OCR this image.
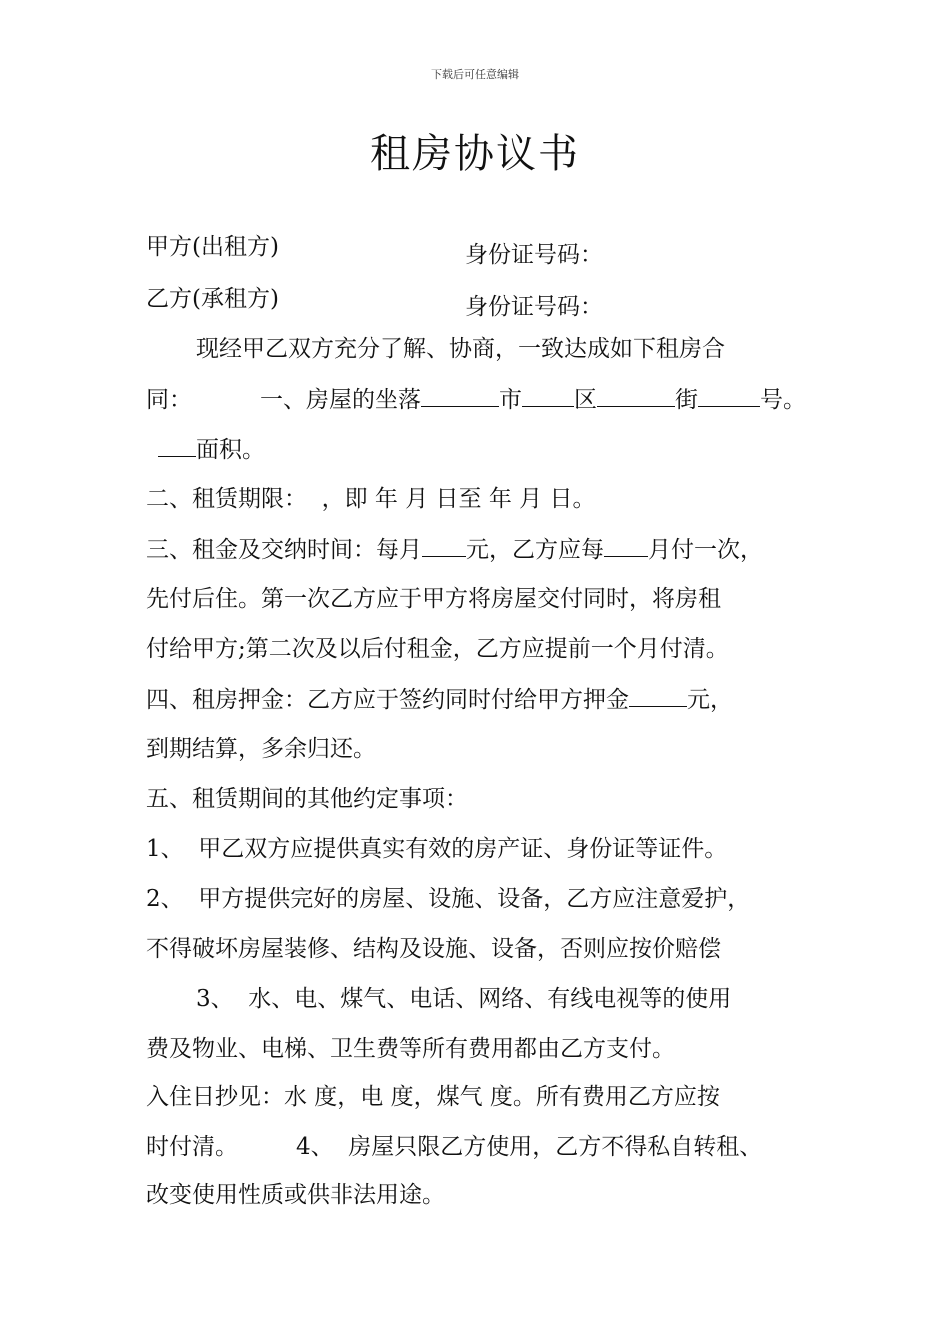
下载后可任意编辑
租房协议书
甲方(出租方)	身份证号码：
乙方(承租方)	身份证号码：
现经甲乙双方充分了解、协商，一致达成如下租房合
同：	一、房屋的坐落	市 区	街	号。
面积。
二、租赁期限：  ，即 年 月 日至 年 月 日。
三、租金及交纳时间：每月 元，乙方应每 月付一次，
先付后住。第一次乙方应于甲方将房屋交付同时，将房租
付给甲方;第二次及以后付租金，乙方应提前一个月付清。
四、租房押金：乙方应于签约同时付给甲方押金	元，
到期结算，多余归还。
五、租赁期间的其他约定事项：
1、  甲乙双方应提供真实有效的房产证、身份证等证件。
2、  甲方提供完好的房屋、设施、设备，乙方应注意爱护，
不得破坏房屋装修、结构及设施、设备，否则应按价赔偿
3、  水、电、煤气、电话、网络、有线电视等的使用
费及物业、电梯、卫生费等所有费用都由乙方支付。
入住日抄见：水 度，电 度，煤气 度。所有费用乙方应按
时付清。	4、  房屋只限乙方使用，乙方不得私自转租、
改变使用性质或供非法用途。
